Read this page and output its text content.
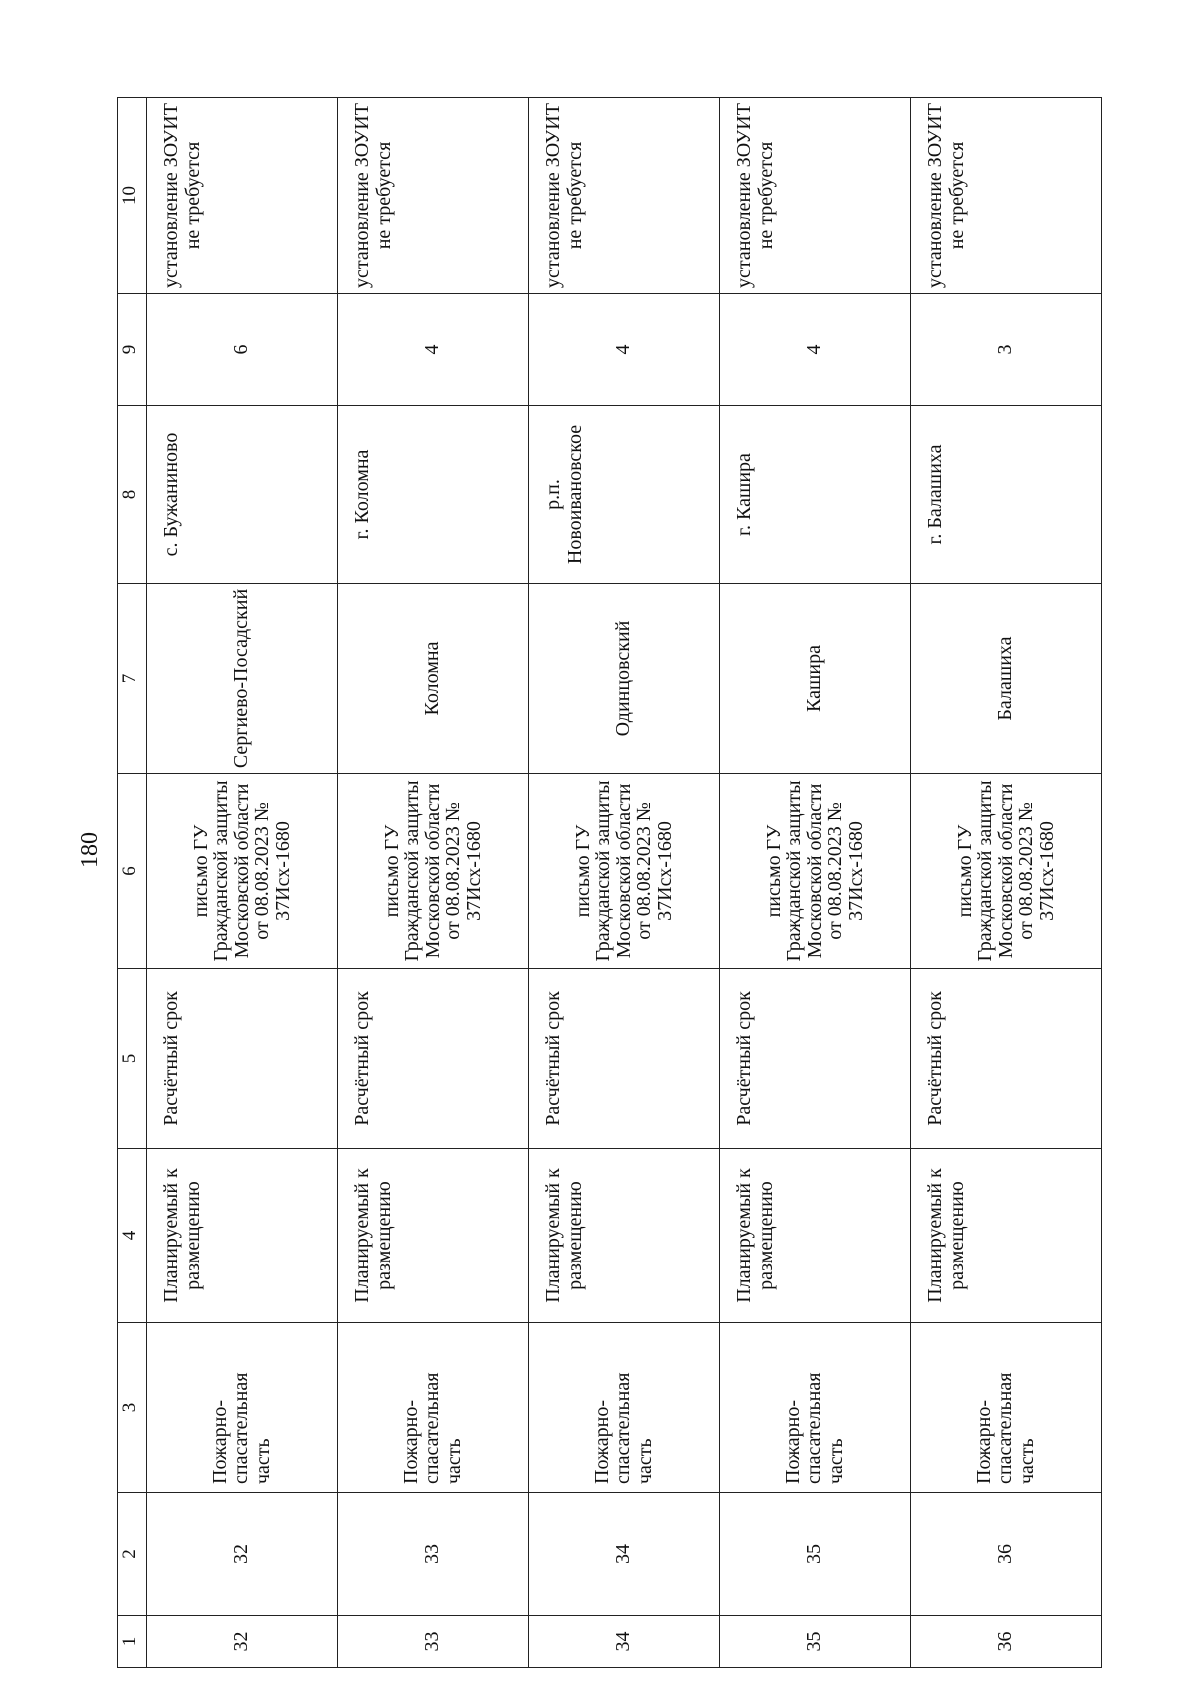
180
1	2	3	4	5	6	7	8	9	10
32	32	Пожарно-спасательная часть	Планируемый к размещению	Расчётный срок	письмо ГУ Гражданской защиты Московской области от 08.08.2023 № 37Исх-1680	Сергиево-Посадский	с. Бужаниново	6	установление ЗОУИТ не требуется
33	33	Пожарно-спасательная часть	Планируемый к размещению	Расчётный срок	письмо ГУ Гражданской защиты Московской области от 08.08.2023 № 37Исх-1680	Коломна	г. Коломна	4	установление ЗОУИТ не требуется
34	34	Пожарно-спасательная часть	Планируемый к размещению	Расчётный срок	письмо ГУ Гражданской защиты Московской области от 08.08.2023 № 37Исх-1680	Одинцовский	р.п. Новоивановское	4	установление ЗОУИТ не требуется
35	35	Пожарно-спасательная часть	Планируемый к размещению	Расчётный срок	письмо ГУ Гражданской защиты Московской области от 08.08.2023 № 37Исх-1680	Кашира	г. Кашира	4	установление ЗОУИТ не требуется
36	36	Пожарно-спасательная часть	Планируемый к размещению	Расчётный срок	письмо ГУ Гражданской защиты Московской области от 08.08.2023 № 37Исх-1680	Балашиха	г. Балашиха	3	установление ЗОУИТ не требуется
